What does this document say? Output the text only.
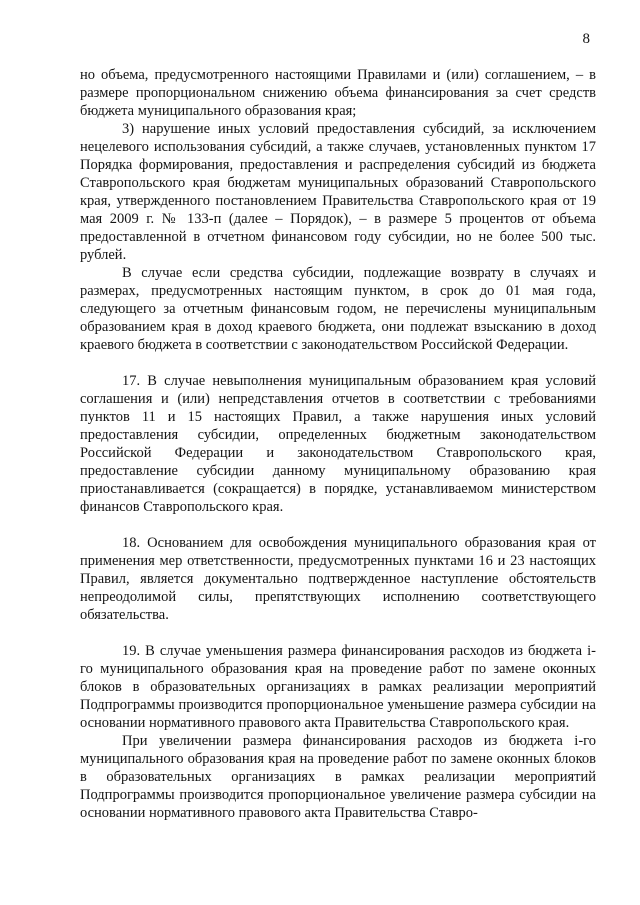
8

но объема, предусмотренного настоящими Правилами и (или) соглашением, – в размере пропорциональном снижению объема финансирования за счет средств бюджета муниципального образования края;

3) нарушение иных условий предоставления субсидий, за исключением нецелевого использования субсидий, а также случаев, установленных пунктом 17 Порядка формирования, предоставления и распределения субсидий из бюджета Ставропольского края бюджетам муниципальных образований Ставропольского края, утвержденного постановлением Правительства Ставропольского края от 19 мая 2009 г. № 133-п (далее – Порядок), – в размере 5 процентов от объема предоставленной в отчетном финансовом году субсидии, но не более 500 тыс. рублей.

В случае если средства субсидии, подлежащие возврату в случаях и размерах, предусмотренных настоящим пунктом, в срок до 01 мая года, следующего за отчетным финансовым годом, не перечислены муниципальным образованием края в доход краевого бюджета, они подлежат взысканию в доход краевого бюджета в соответствии с законодательством Российской Федерации.

17. В случае невыполнения муниципальным образованием края условий соглашения и (или) непредставления отчетов в соответствии с требованиями пунктов 11 и 15 настоящих Правил, а также нарушения иных условий предоставления субсидии, определенных бюджетным законодательством Российской Федерации и законодательством Ставропольского края, предоставление субсидии данному муниципальному образованию края приостанавливается (сокращается) в порядке, устанавливаемом министерством финансов Ставропольского края.

18. Основанием для освобождения муниципального образования края от применения мер ответственности, предусмотренных пунктами 16 и 23 настоящих Правил, является документально подтвержденное наступление обстоятельств непреодолимой силы, препятствующих исполнению соответствующего обязательства.

19. В случае уменьшения размера финансирования расходов из бюджета i-го муниципального образования края на проведение работ по замене оконных блоков в образовательных организациях в рамках реализации мероприятий Подпрограммы производится пропорциональное уменьшение размера субсидии на основании нормативного правового акта Правительства Ставропольского края.

При увеличении размера финансирования расходов из бюджета i-го муниципального образования края на проведение работ по замене оконных блоков в образовательных организациях в рамках реализации мероприятий Подпрограммы производится пропорциональное увеличение размера субсидии на основании нормативного правового акта Правительства Ставро-
